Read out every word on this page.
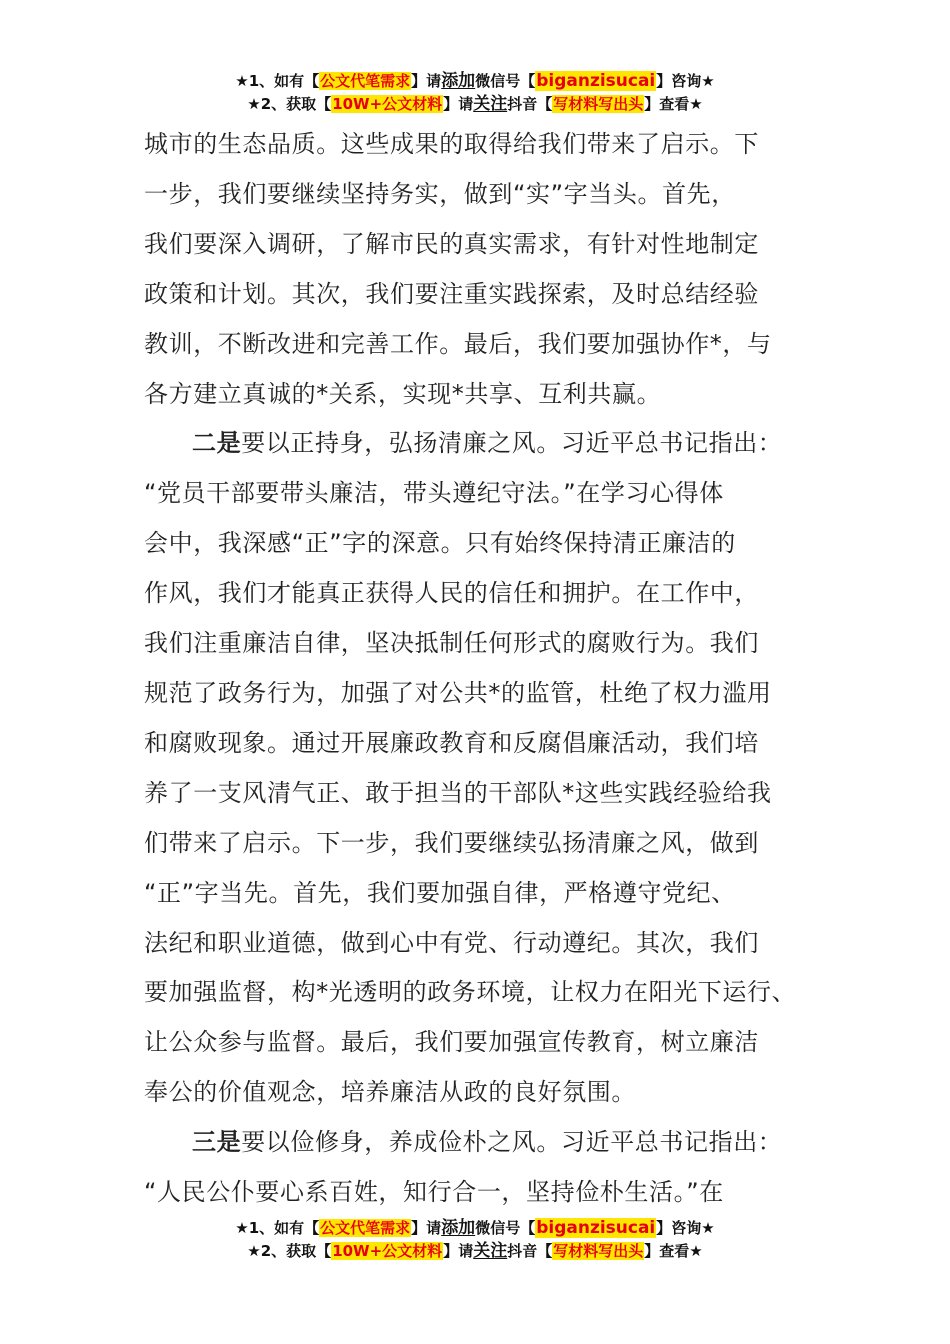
★1、如有【公文代笔需求】请添加微信号【biganzisucai】咨询★
★2、获取【10W+公文材料】请关注抖音【写材料写出头】查看★

城市的生态品质。这些成果的取得给我们带来了启示。下

一步，我们要继续坚持务实，做到“实”字当头。首先，

我们要深入调研，了解市民的真实需求，有针对性地制定

政策和计划。其次，我们要注重实践探索，及时总结经验

教训，不断改进和完善工作。最后，我们要加强协作*，与

各方建立真诚的*关系，实现*共享、互利共赢。

二是要以正持身，弘扬清廉之风。习近平总书记指出：

“党员干部要带头廉洁，带头遵纪守法。”在学习心得体

会中，我深感“正”字的深意。只有始终保持清正廉洁的

作风，我们才能真正获得人民的信任和拥护。在工作中，

我们注重廉洁自律，坚决抵制任何形式的腐败行为。我们

规范了政务行为，加强了对公共*的监管，杜绝了权力滥用

和腐败现象。通过开展廉政教育和反腐倡廉活动，我们培

养了一支风清气正、敢于担当的干部队*这些实践经验给我

们带来了启示。下一步，我们要继续弘扬清廉之风，做到

“正”字当先。首先，我们要加强自律，严格遵守党纪、

法纪和职业道德，做到心中有党、行动遵纪。其次，我们

要加强监督，构*光透明的政务环境，让权力在阳光下运行、

让公众参与监督。最后，我们要加强宣传教育，树立廉洁

奉公的价值观念，培养廉洁从政的良好氛围。

三是要以俭修身，养成俭朴之风。习近平总书记指出：

“人民公仆要心系百姓，知行合一，坚持俭朴生活。”在

★1、如有【公文代笔需求】请添加微信号【biganzisucai】咨询★
★2、获取【10W+公文材料】请关注抖音【写材料写出头】查看★
